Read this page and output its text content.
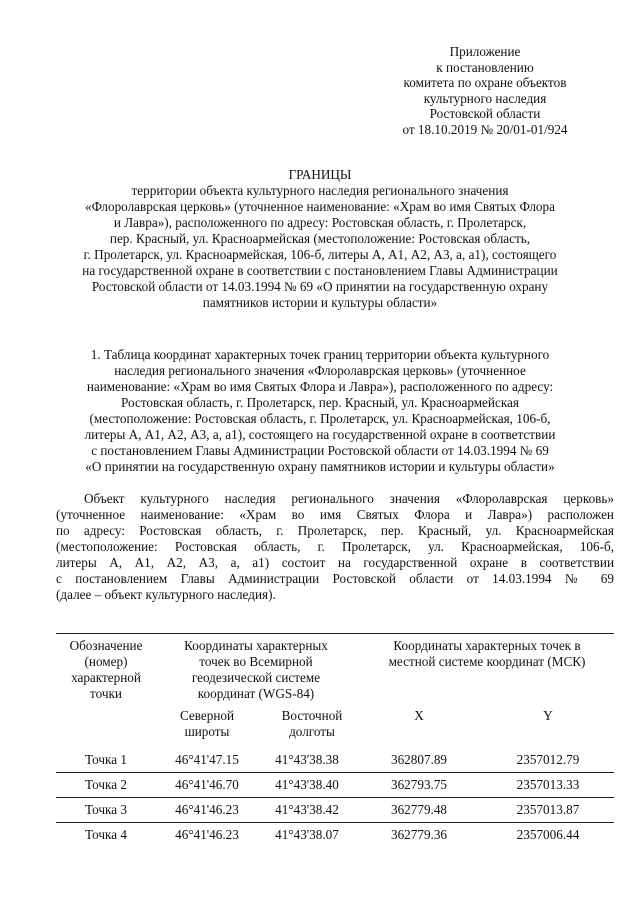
Приложение
к постановлению
комитета по охране объектов
культурного наследия
Ростовской области
от 18.10.2019 № 20/01-01/924
ГРАНИЦЫ
территории объекта культурного наследия регионального значения
«Флоролаврская церковь» (уточненное наименование: «Храм во имя Святых Флора
и Лавра»), расположенного по адресу: Ростовская область, г. Пролетарск,
пер. Красный, ул. Красноармейская (местоположение: Ростовская область,
г. Пролетарск, ул. Красноармейская, 106-б, литеры А, А1, А2, А3, а, а1), состоящего
на государственной охране в соответствии с постановлением Главы Администрации
Ростовской области от 14.03.1994 № 69 «О принятии на государственную охрану
памятников истории и культуры области»
1. Таблица координат характерных точек границ территории объекта культурного
наследия регионального значения «Флоролаврская церковь» (уточненное
наименование: «Храм во имя Святых Флора и Лавра»), расположенного по адресу:
Ростовская область, г. Пролетарск, пер. Красный, ул. Красноармейская
(местоположение: Ростовская область, г. Пролетарск, ул. Красноармейская, 106-б,
литеры А, А1, А2, А3, а, а1), состоящего на государственной охране в соответствии
с постановлением Главы Администрации Ростовской области от 14.03.1994 № 69
«О принятии на государственную охрану памятников истории и культуры области»
Объект культурного наследия регионального значения «Флоролаврская церковь»
(уточненное наименование: «Храм во имя Святых Флора и Лавра») расположен
по адресу: Ростовская область, г. Пролетарск, пер. Красный, ул. Красноармейская
(местоположение: Ростовская область, г. Пролетарск, ул. Красноармейская, 106-б,
литеры А, А1, А2, А3, а, а1) состоит на государственной охране в соответствии
с постановлением Главы Администрации Ростовской области от 14.03.1994 № 69
(далее – объект культурного наследия).
Обозначение (номер) характерной точки	Координаты характерных точек во Всемирной геодезической системе координат (WGS-84)		Координаты характерных точек в местной системе координат (МСК)	
	Северной широты	Восточной долготы	X	Y
Точка 1	46°41'47.15	41°43'38.38	362807.89	2357012.79
Точка 2	46°41'46.70	41°43'38.40	362793.75	2357013.33
Точка 3	46°41'46.23	41°43'38.42	362779.48	2357013.87
Точка 4	46°41'46.23	41°43'38.07	362779.36	2357006.44
